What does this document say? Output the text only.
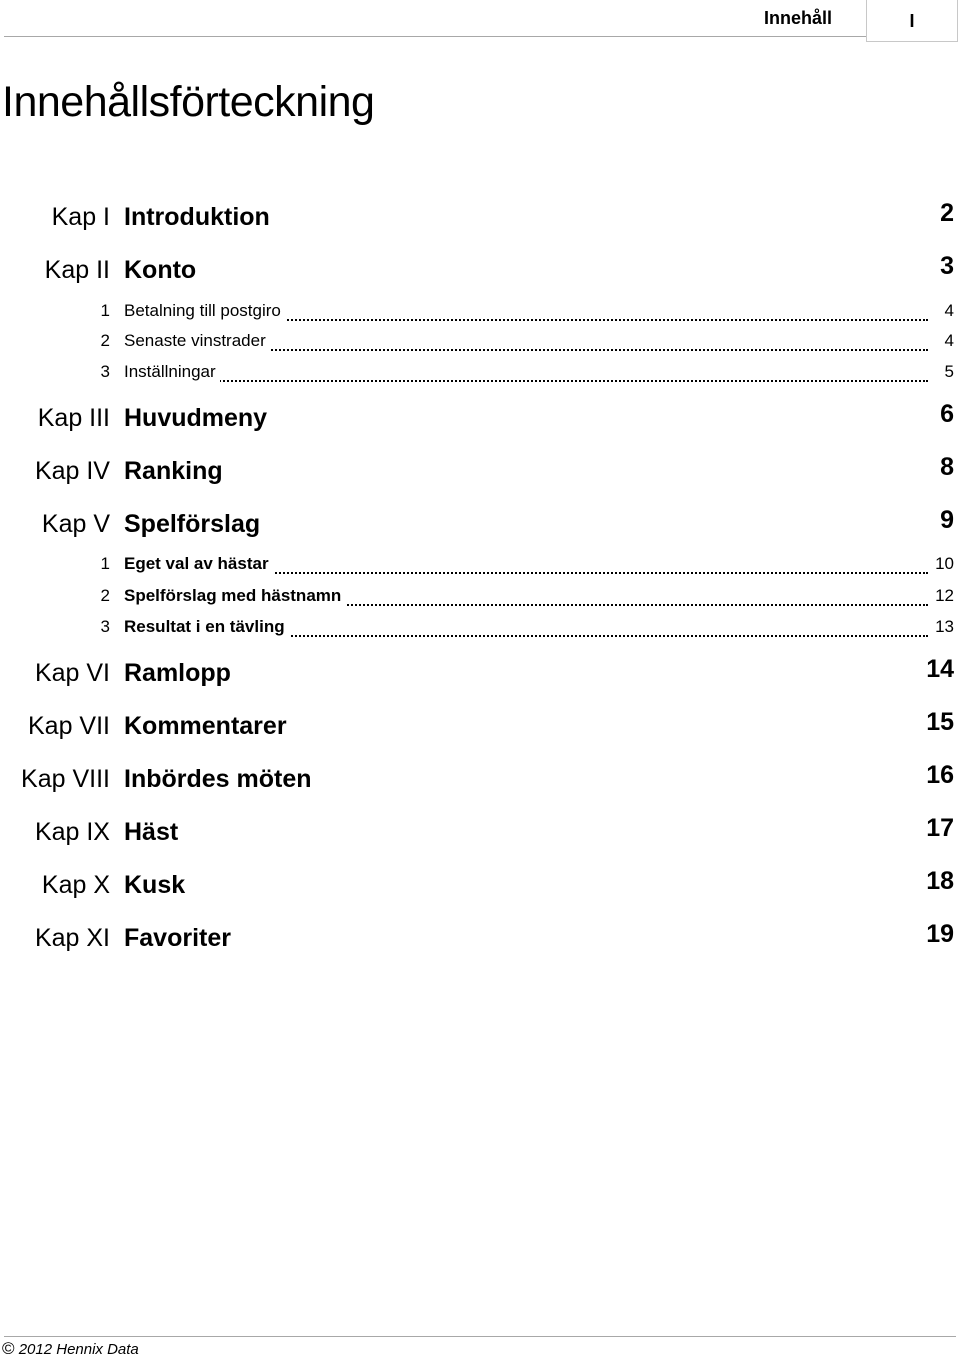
Innehåll	I
Innehållsförteckning
Kap I Introduktion	2
Kap II Konto	3
1 Betalning till postgiro	4
2 Senaste vinstrader	4
3 Inställningar	5
Kap III Huvudmeny	6
Kap IV Ranking	8
Kap V Spelförslag	9
1 Eget val av hästar	10
2 Spelförslag med hästnamn	12
3 Resultat i en tävling	13
Kap VI Ramlopp	14
Kap VII Kommentarer	15
Kap VIII Inbördes möten	16
Kap IX Häst	17
Kap X Kusk	18
Kap XI Favoriter	19
© 2012 Hennix Data
